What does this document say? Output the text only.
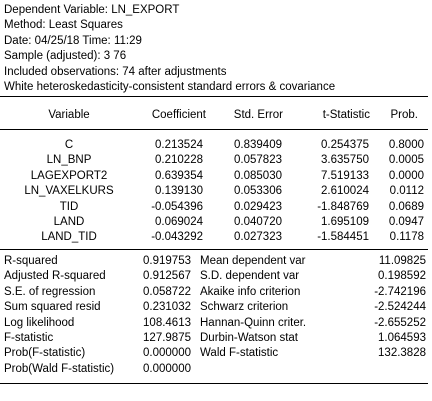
Dependent Variable: LN_EXPORT
Method: Least Squares
Date: 04/25/18 Time: 11:29
Sample (adjusted): 3 76
Included observations: 74 after adjustments
White heteroskedasticity-consistent standard errors & covariance
Variable	Coefficient Std. Error	t-Statistic Prob.
C	0.213524	0.839409	0.254375 0.8000
LN_BNP	0.210228	0.057823	3.635750 0.0005
LAGEXPORT2	0.639354	0.085030	7.519133 0.0000
LN_VAXELKURS	0.139130	0.053306	2.610024 0.0112
TID	-0.054396	0.029423	-1.848769 0.0689
LAND	0.069024	0.040720	1.695109 0.0947
LAND_TID	-0.043292	0.027323	-1.584451 0.1178
R-squared	0.919753 Mean dependent var	11.09825
Adjusted R-squared	0.912567 S.D. dependent var	0.198592
S.E. of regression	0.058722 Akaike info criterion	-2.742196
Sum squared resid	0.231032 Schwarz criterion	-2.524244
Log likelihood	108.4613 Hannan-Quinn criter.	-2.655252
F-statistic	127.9875 Durbin-Watson stat	1.064593
Prob(F-statistic)	0.000000 Wald F-statistic	132.3828
Prob(Wald F-statistic)	0.000000
